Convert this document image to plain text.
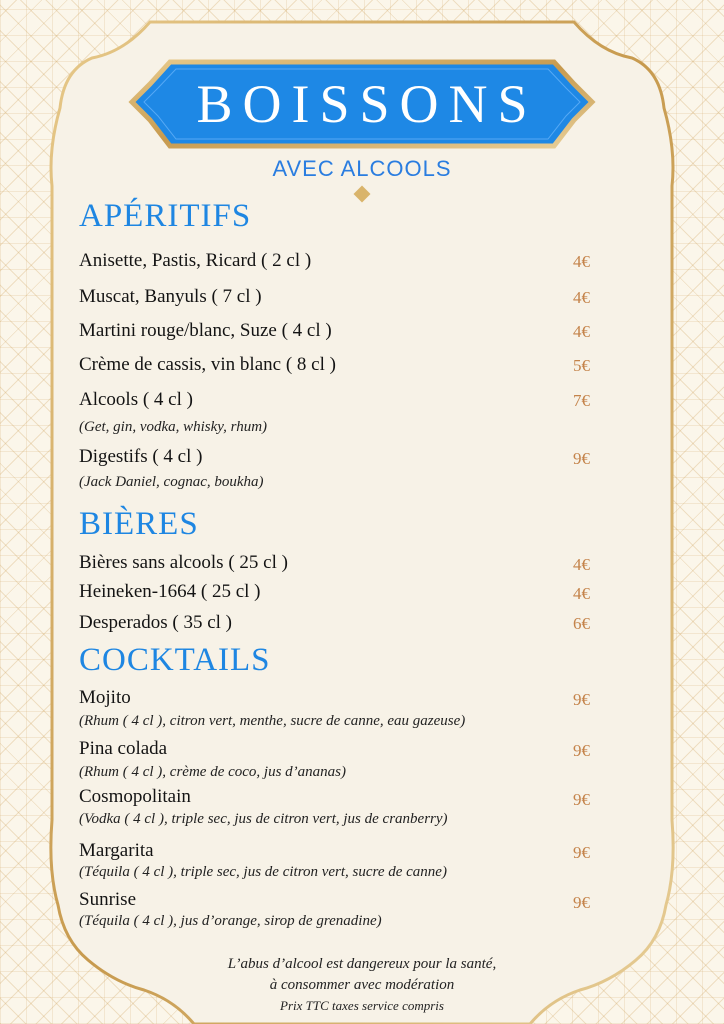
BOISSONS
AVEC ALCOOLS
APÉRITIFS
Anisette, Pastis, Ricard ( 2 cl )	4€
Muscat, Banyuls ( 7 cl )	4€
Martini rouge/blanc, Suze ( 4 cl )	4€
Crème de cassis, vin blanc ( 8 cl )	5€
Alcools ( 4 cl )	7€
(Get, gin, vodka, whisky, rhum)
Digestifs ( 4 cl )	9€
(Jack Daniel, cognac, boukha)
BIÈRES
Bières sans alcools ( 25 cl )	4€
Heineken-1664 ( 25 cl )	4€
Desperados ( 35 cl )	6€
COCKTAILS
Mojito	9€
(Rhum ( 4 cl ), citron vert, menthe, sucre de canne, eau gazeuse)
Pina colada	9€
(Rhum ( 4 cl ), crème de coco, jus d’ananas)
Cosmopolitain	9€
(Vodka ( 4 cl ), triple sec, jus de citron vert, jus de cranberry)
Margarita	9€
(Téquila ( 4 cl ), triple sec, jus de citron vert, sucre de canne)
Sunrise	9€
(Téquila ( 4 cl ), jus d’orange, sirop de grenadine)
L’abus d’alcool est dangereux pour la santé,
à consommer avec modération
Prix TTC taxes service compris
